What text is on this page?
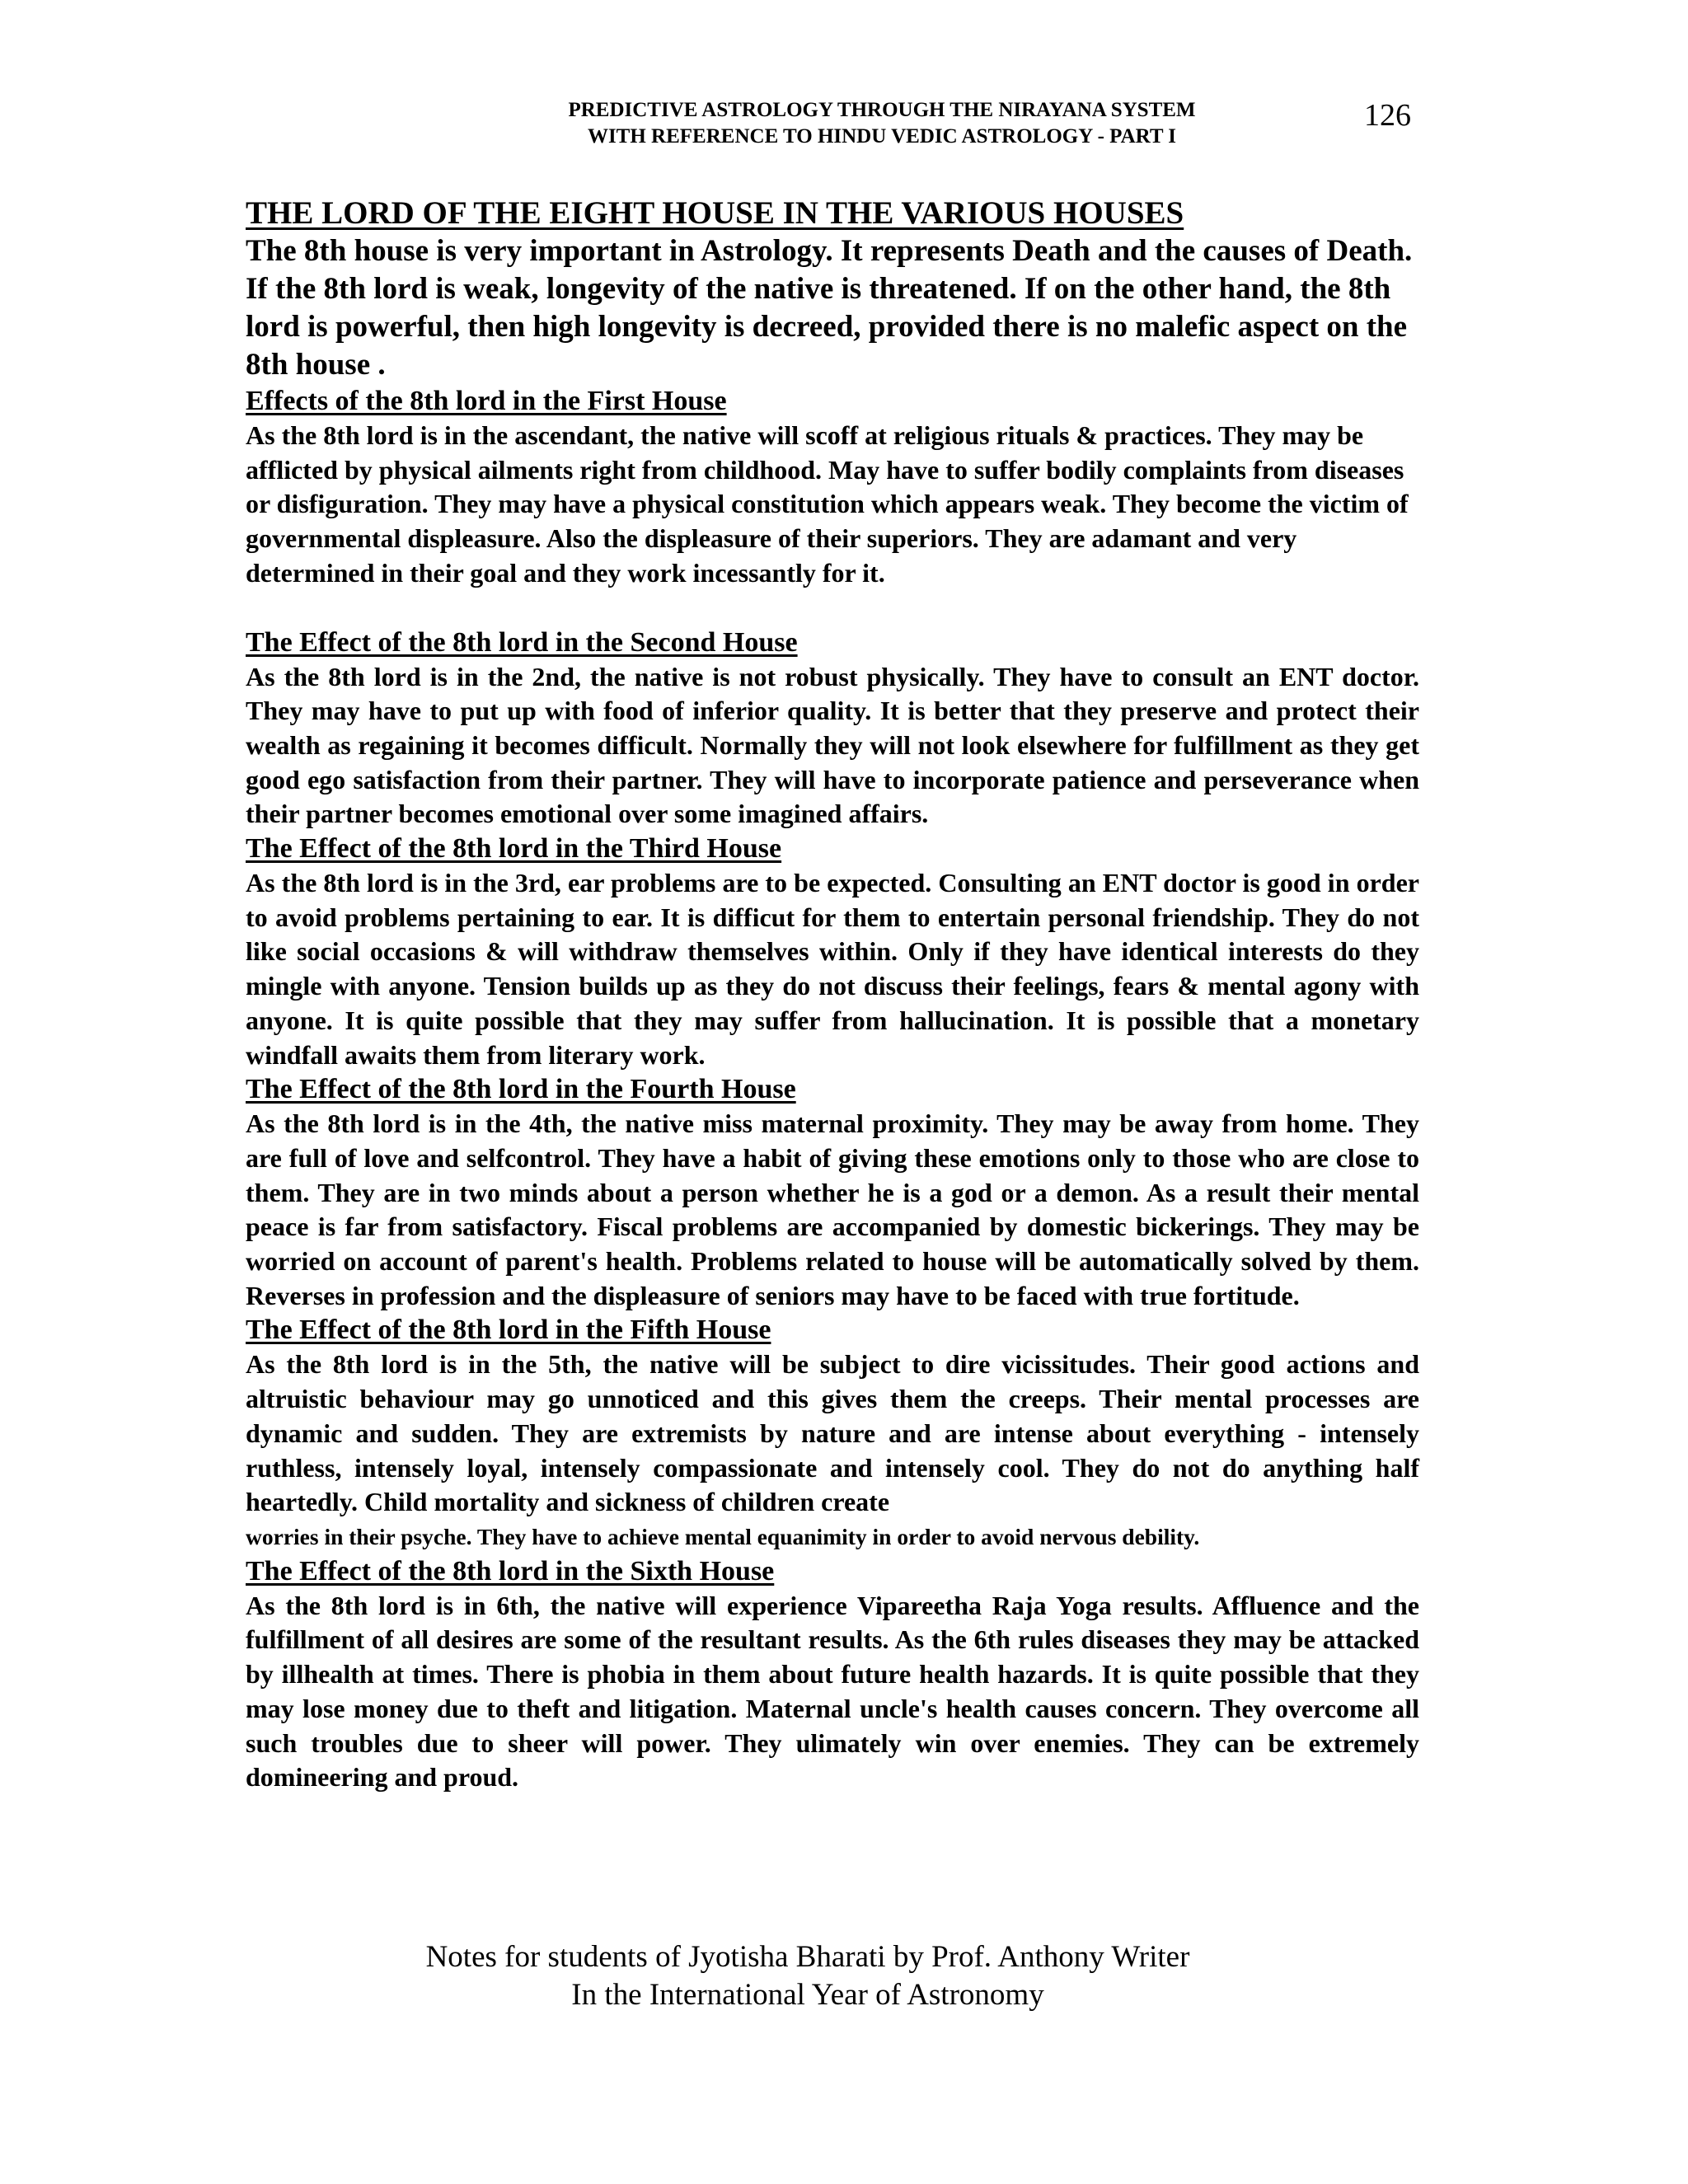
PREDICTIVE ASTROLOGY THROUGH THE NIRAYANA SYSTEM
WITH REFERENCE TO HINDU VEDIC ASTROLOGY - PART I
126
THE LORD OF THE EIGHT HOUSE IN THE VARIOUS HOUSES

The 8th house is very important in Astrology. It represents Death and the causes of Death. If the 8th lord is weak, longevity of the native is threatened. If on the other hand, the 8th lord is powerful, then high longevity is decreed, provided there is no malefic aspect on the 8th house .

Effects of the 8th lord in the First House

As the 8th lord is in the ascendant, the native will scoff at religious rituals & practices. They may be afflicted by physical ailments right from childhood. May have to suffer bodily complaints from diseases or disfiguration. They may have a physical constitution which appears weak. They become the victim of governmental displeasure. Also the displeasure of their superiors. They are adamant and very determined in their goal and they work incessantly for it.

The Effect of the 8th lord in the Second House

As the 8th lord is in the 2nd, the native is not robust physically. They have to consult an ENT doctor. They may have to put up with food of inferior quality. It is better that they preserve and protect their wealth as regaining it becomes difficult. Normally they will not look elsewhere for fulfillment as they get good ego satisfaction from their partner. They will have to incorporate patience and perseverance when their partner becomes emotional over some imagined affairs.

The Effect of the 8th lord in the Third House

As the 8th lord is in the 3rd, ear problems are to be expected. Consulting an ENT doctor is good in order to avoid problems pertaining to ear. It is difficut for them to entertain personal friendship. They do not like social occasions & will withdraw themselves within. Only if they have identical interests do they mingle with anyone. Tension builds up as they do not discuss their feelings, fears & mental agony with anyone. It is quite possible that they may suffer from hallucination. It is possible that a monetary windfall awaits them from literary work.

The Effect of the 8th lord in the Fourth House

As the 8th lord is in the 4th, the native miss maternal proximity. They may be away from home. They are full of love and selfcontrol. They have a habit of giving these emotions only to those who are close to them. They are in two minds about a person whether he is a god or a demon. As a result their mental peace is far from satisfactory. Fiscal problems are accompanied by domestic bickerings. They may be worried on account of parent's health. Problems related to house will be automatically solved by them. Reverses in profession and the displeasure of seniors may have to be faced with true fortitude.

The Effect of the 8th lord in the Fifth House

As the 8th lord is in the 5th, the native will be subject to dire vicissitudes. Their good actions and altruistic behaviour may go unnoticed and this gives them the creeps. Their mental processes are dynamic and sudden. They are extremists by nature and are intense about everything - intensely ruthless, intensely loyal, intensely compassionate and intensely cool. They do not do anything half heartedly. Child mortality and sickness of children create
worries in their psyche. They have to achieve mental equanimity in order to avoid nervous debility.

The Effect of the 8th lord in the Sixth House

As the 8th lord is in 6th, the native will experience Vipareetha Raja Yoga results. Affluence and the fulfillment of all desires are some of the resultant results. As the 6th rules diseases they may be attacked by illhealth at times. There is phobia in them about future health hazards. It is quite possible that they may lose money due to theft and litigation. Maternal uncle's health causes concern. They overcome all such troubles due to sheer will power. They ulimately win over enemies. They can be extremely domineering and proud.

Notes for students of Jyotisha Bharati by Prof. Anthony Writer
In the International Year of Astronomy
